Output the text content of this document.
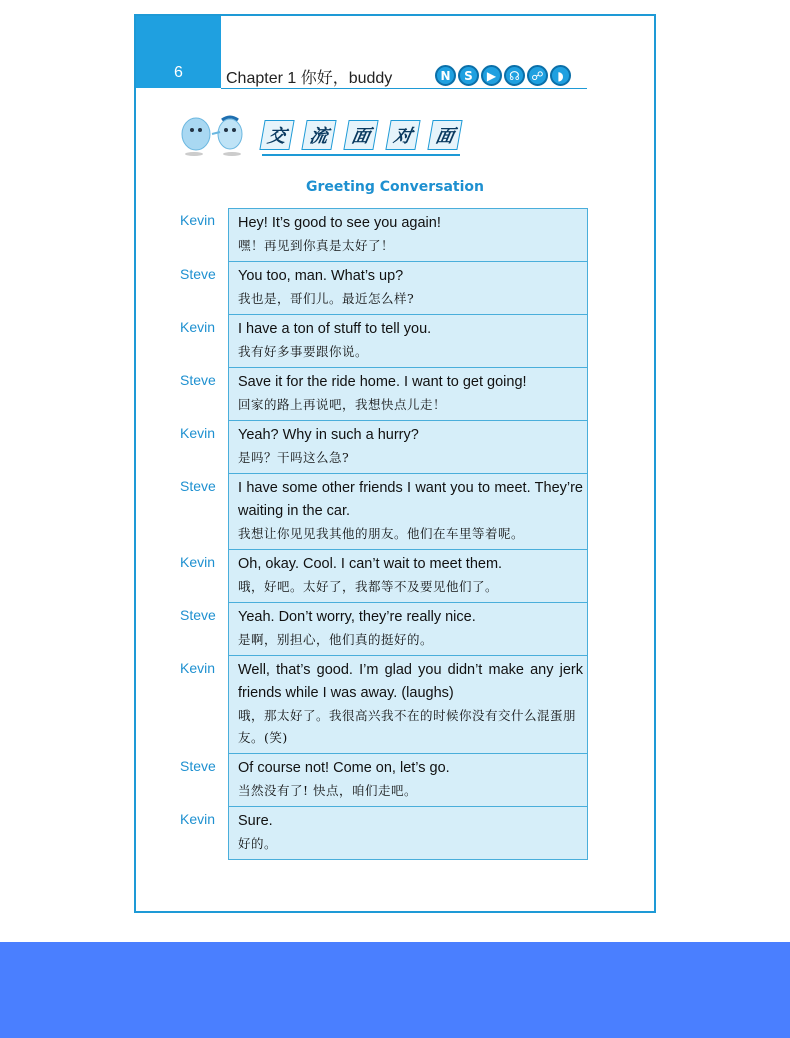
6	Chapter 1 你好，buddy	N	S	▶	☊ ☍	◗
交	流	面	对	面
Greeting Conversation
Kevin	Hey! It’s good to see you again!
嘿！再见到你真是太好了！
Steve	You too, man. What’s up?
我也是，哥们儿。最近怎么样?
Kevin	I have a ton of stuff to tell you.
我有好多事要跟你说。
Steve	Save it for the ride home. I want to get going!
回家的路上再说吧，我想快点儿走！
Kevin	Yeah? Why in such a hurry?
是吗？干吗这么急?
Steve	I have some other friends I want you to meet. They’re waiting in the car.
我想让你见见我其他的朋友。他们在车里等着呢。
Kevin	Oh, okay. Cool. I can’t wait to meet them.
哦，好吧。太好了，我都等不及要见他们了。
Steve	Yeah. Don’t worry, they’re really nice.
是啊，别担心，他们真的挺好的。
Kevin	Well, that’s good. I’m glad you didn’t make any jerk friends while I was away. (laughs)
哦，那太好了。我很高兴我不在的时候你没有交什么混蛋朋友。(笑)
Steve	Of course not! Come on, let’s go.
当然没有了! 快点，咱们走吧。
Kevin	Sure.
好的。
